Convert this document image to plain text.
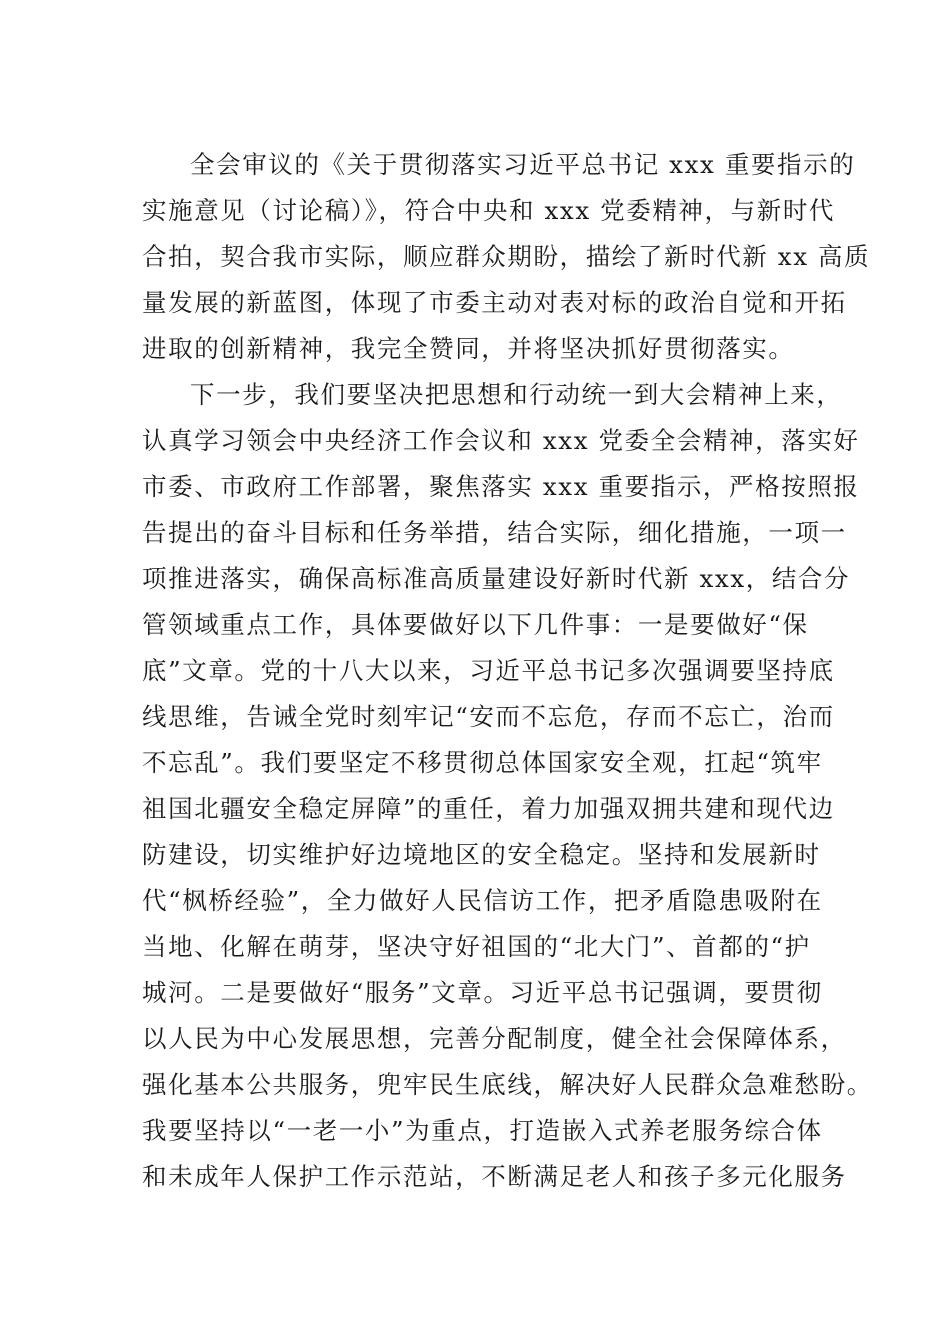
全会审议的《关于贯彻落实习近平总书记 xxx 重要指示的
实施意见（讨论稿）》，符合中央和 xxx 党委精神，与新时代
合拍，契合我市实际，顺应群众期盼，描绘了新时代新 xx 高质
量发展的新蓝图，体现了市委主动对表对标的政治自觉和开拓
进取的创新精神，我完全赞同，并将坚决抓好贯彻落实。
下一步，我们要坚决把思想和行动统一到大会精神上来，
认真学习领会中央经济工作会议和 xxx 党委全会精神，落实好
市委、市政府工作部署，聚焦落实 xxx 重要指示，严格按照报
告提出的奋斗目标和任务举措，结合实际，细化措施，一项一
项推进落实，确保高标准高质量建设好新时代新 xxx，结合分
管领域重点工作，具体要做好以下几件事：一是要做好“保
底”文章。党的十八大以来，习近平总书记多次强调要坚持底
线思维，告诫全党时刻牢记“安而不忘危，存而不忘亡，治而
不忘乱”。我们要坚定不移贯彻总体国家安全观，扛起“筑牢
祖国北疆安全稳定屏障”的重任，着力加强双拥共建和现代边
防建设，切实维护好边境地区的安全稳定。坚持和发展新时
代“枫桥经验”，全力做好人民信访工作，把矛盾隐患吸附在
当地、化解在萌芽，坚决守好祖国的“北大门”、首都的“护
城河。二是要做好“服务”文章。习近平总书记强调，要贯彻
以人民为中心发展思想，完善分配制度，健全社会保障体系，
强化基本公共服务，兜牢民生底线，解决好人民群众急难愁盼。
我要坚持以“一老一小”为重点，打造嵌入式养老服务综合体
和未成年人保护工作示范站，不断满足老人和孩子多元化服务
